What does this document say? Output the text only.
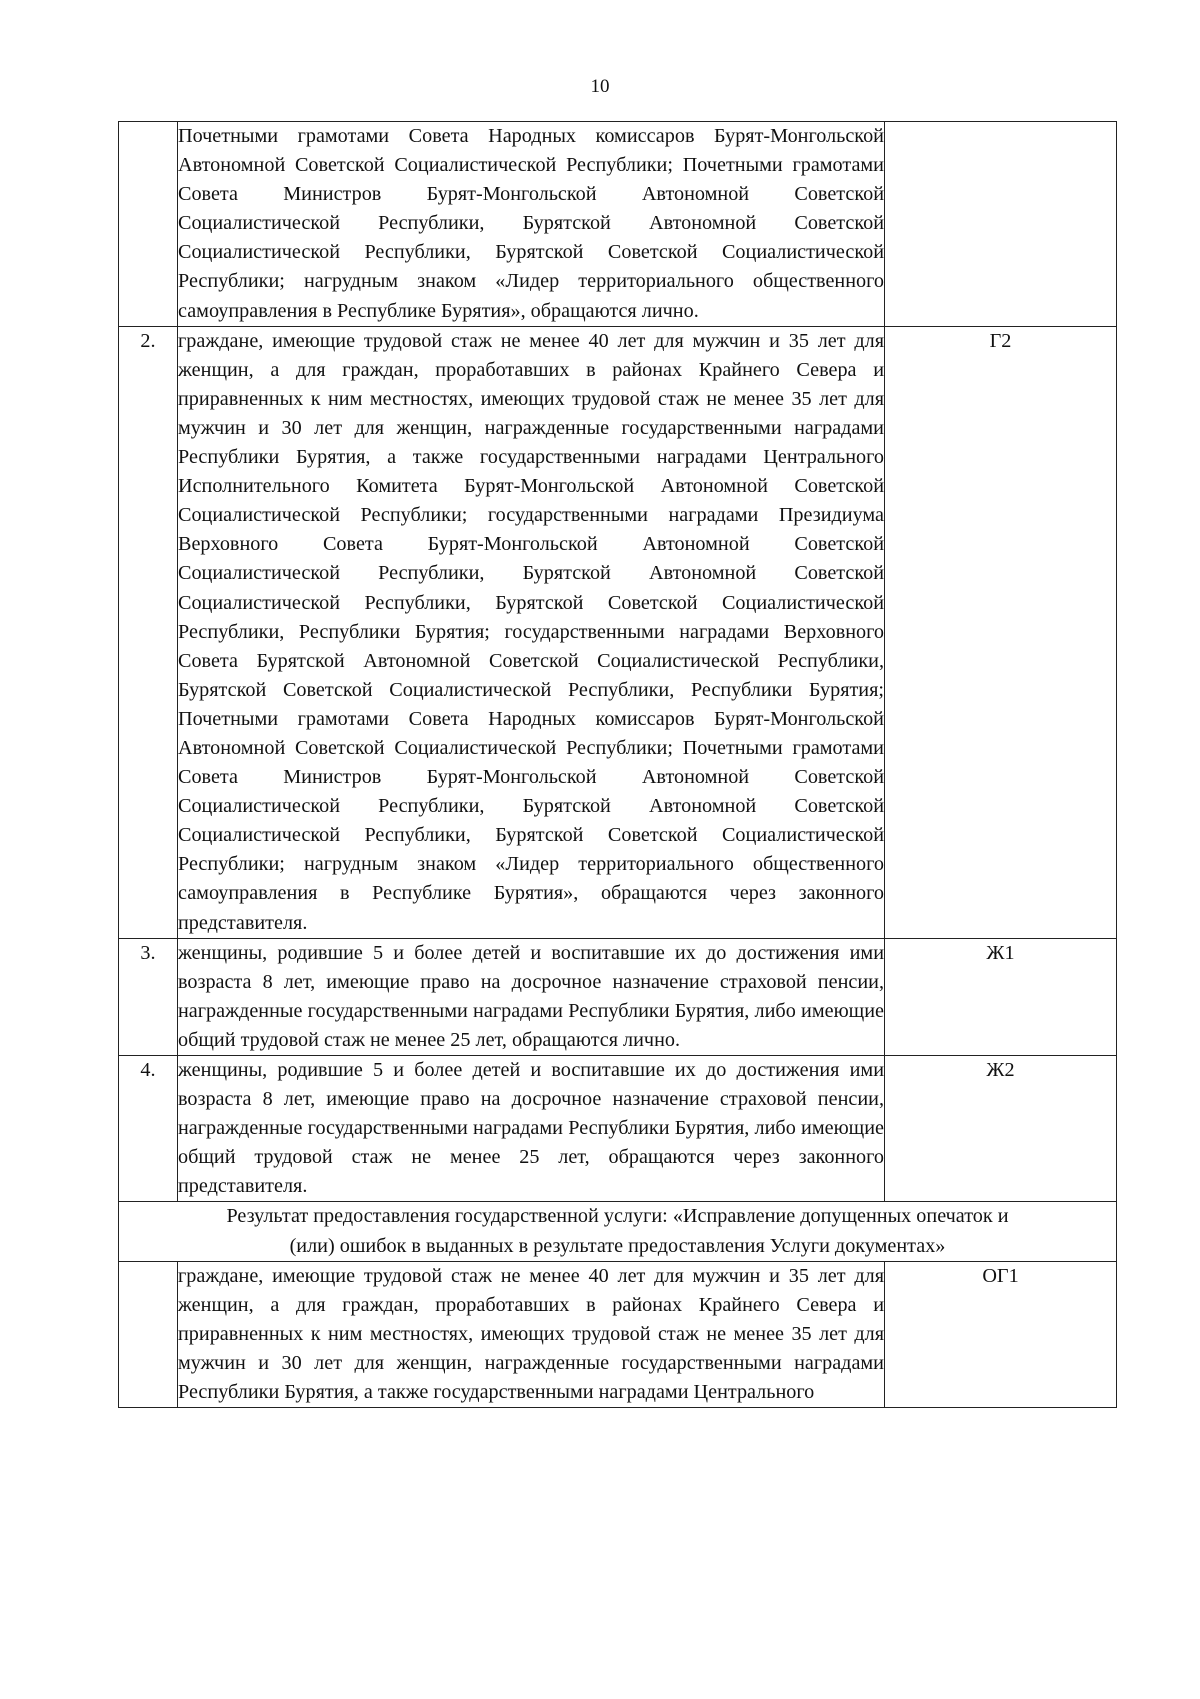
10

	Почетными грамотами Совета Народных комиссаров Бурят-Монгольской Автономной Советской Социалистической Республики; Почетными грамотами Совета Министров Бурят-Монгольской Автономной Советской Социалистической Республики, Бурятской Автономной Советской Социалистической Республики, Бурятской Советской Социалистической Республики; нагрудным знаком «Лидер территориального общественного самоуправления в Республике Бурятия», обращаются лично.	

2.	граждане, имеющие трудовой стаж не менее 40 лет для мужчин и 35 лет для женщин, а для граждан, проработавших в районах Крайнего Севера и приравненных к ним местностях, имеющих трудовой стаж не менее 35 лет для мужчин и 30 лет для женщин, награжденные государственными наградами Республики Бурятия, а также государственными наградами Центрального Исполнительного Комитета Бурят-Монгольской Автономной Советской Социалистической Республики; государственными наградами Президиума Верховного Совета Бурят-Монгольской Автономной Советской Социалистической Республики, Бурятской Автономной Советской Социалистической Республики, Бурятской Советской Социалистической Республики, Республики Бурятия; государственными наградами Верховного Совета Бурятской Автономной Советской Социалистической Республики, Бурятской Советской Социалистической Республики, Республики Бурятия; Почетными грамотами Совета Народных комиссаров Бурят-Монгольской Автономной Советской Социалистической Республики; Почетными грамотами Совета Министров Бурят-Монгольской Автономной Советской Социалистической Республики, Бурятской Автономной Советской Социалистической Республики, Бурятской Советской Социалистической Республики; нагрудным знаком «Лидер территориального общественного самоуправления в Республике Бурятия», обращаются через законного представителя.	Г2
3.	женщины, родившие 5 и более детей и воспитавшие их до достижения ими возраста 8 лет, имеющие право на досрочное назначение страховой пенсии, награжденные государственными наградами Республики Бурятия, либо имеющие общий трудовой стаж не менее 25 лет, обращаются лично.	Ж1
4.	женщины, родившие 5 и более детей и воспитавшие их до достижения ими возраста 8 лет, имеющие право на досрочное назначение страховой пенсии, награжденные государственными наградами Республики Бурятия, либо имеющие общий трудовой стаж не менее 25 лет, обращаются через законного представителя.	Ж2

Результат предоставления государственной услуги: «Исправление допущенных опечаток и
(или) ошибок в выданных в результате предоставления Услуги документах»		

	граждане, имеющие трудовой стаж не менее 40 лет для мужчин и 35 лет для женщин, а для граждан, проработавших в районах Крайнего Севера и приравненных к ним местностях, имеющих трудовой стаж не менее 35 лет для мужчин и 30 лет для женщин, награжденные государственными наградами Республики Бурятия, а также государственными наградами Центрального	ОГ1
